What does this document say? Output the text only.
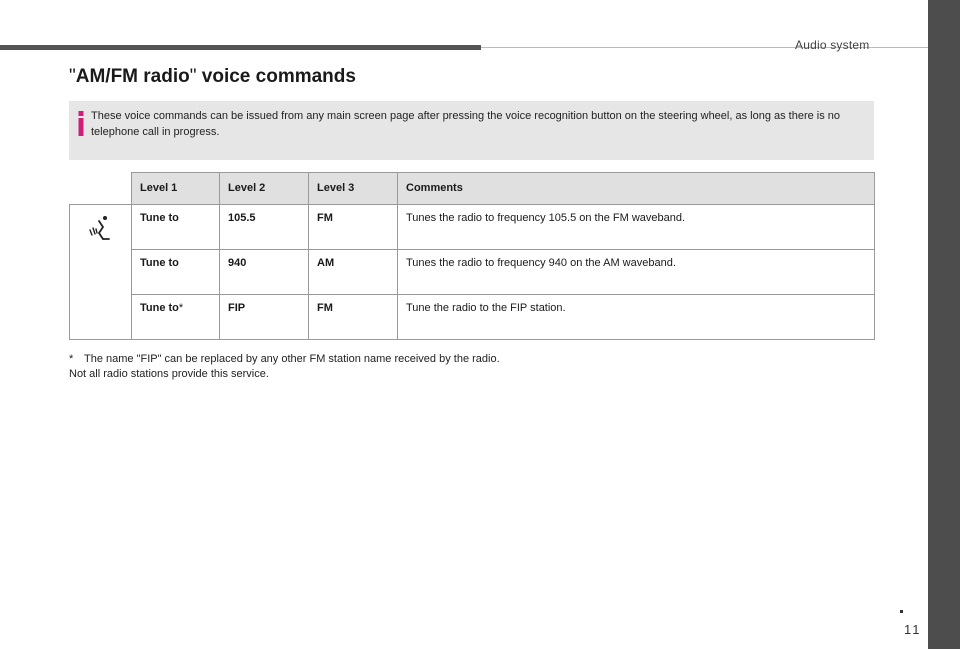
Audio system
11
"AM/FM radio" voice commands
These voice commands can be issued from any main screen page after pressing the voice recognition button on the steering wheel, as long as there is no telephone call in progress.
	Level 1	Level 2	Level 3	Comments

	Tune to	105.5	FM	Tunes the radio to frequency 105.5 on the FM waveband.
	Tune to	940	AM	Tunes the radio to frequency 940 on the AM waveband.
	Tune to*	FIP	FM	Tune the radio to the FIP station.
* The name "FIP" can be replaced by any other FM station name received by the radio.
Not all radio stations provide this service.
